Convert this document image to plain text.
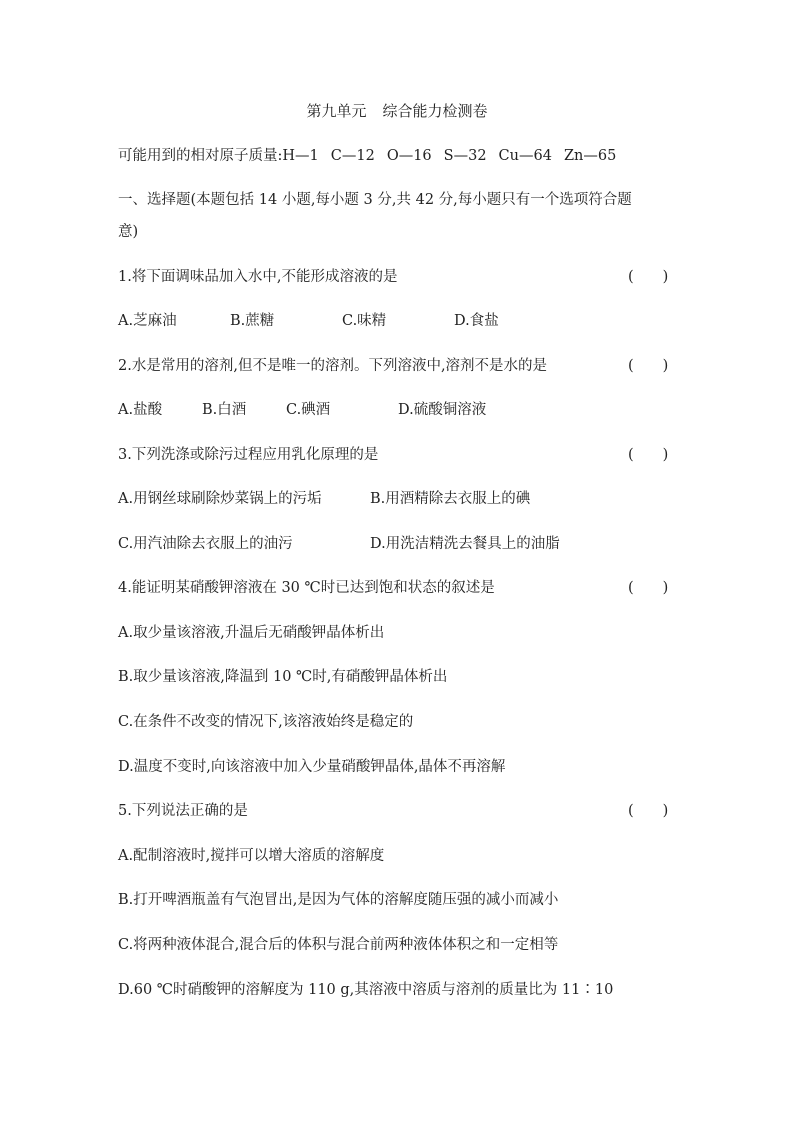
第九单元 综合能力检测卷
可能用到的相对原子质量:H—1 C—12 O—16 S—32 Cu—64 Zn—65
一、选择题(本题包括 14 小题,每小题 3 分,共 42 分,每小题只有一个选项符合题
意)
1.将下面调味品加入水中,不能形成溶液的是	(　　)
A.芝麻油	B.蔗糖	C.味精	D.食盐
2.水是常用的溶剂,但不是唯一的溶剂。下列溶液中,溶剂不是水的是	(　　)
A.盐酸	B.白酒	C.碘酒	D.硫酸铜溶液
3.下列洗涤或除污过程应用乳化原理的是	(　　)
A.用钢丝球刷除炒菜锅上的污垢	B.用酒精除去衣服上的碘
C.用汽油除去衣服上的油污	D.用洗洁精洗去餐具上的油脂
4.能证明某硝酸钾溶液在 30 ℃时已达到饱和状态的叙述是	(　　)
A.取少量该溶液,升温后无硝酸钾晶体析出
B.取少量该溶液,降温到 10 ℃时,有硝酸钾晶体析出
C.在条件不改变的情况下,该溶液始终是稳定的
D.温度不变时,向该溶液中加入少量硝酸钾晶体,晶体不再溶解
5.下列说法正确的是	(　　)
A.配制溶液时,搅拌可以增大溶质的溶解度
B.打开啤酒瓶盖有气泡冒出,是因为气体的溶解度随压强的减小而减小
C.将两种液体混合,混合后的体积与混合前两种液体体积之和一定相等
D.60 ℃时硝酸钾的溶解度为 110 g,其溶液中溶质与溶剂的质量比为 11∶10
